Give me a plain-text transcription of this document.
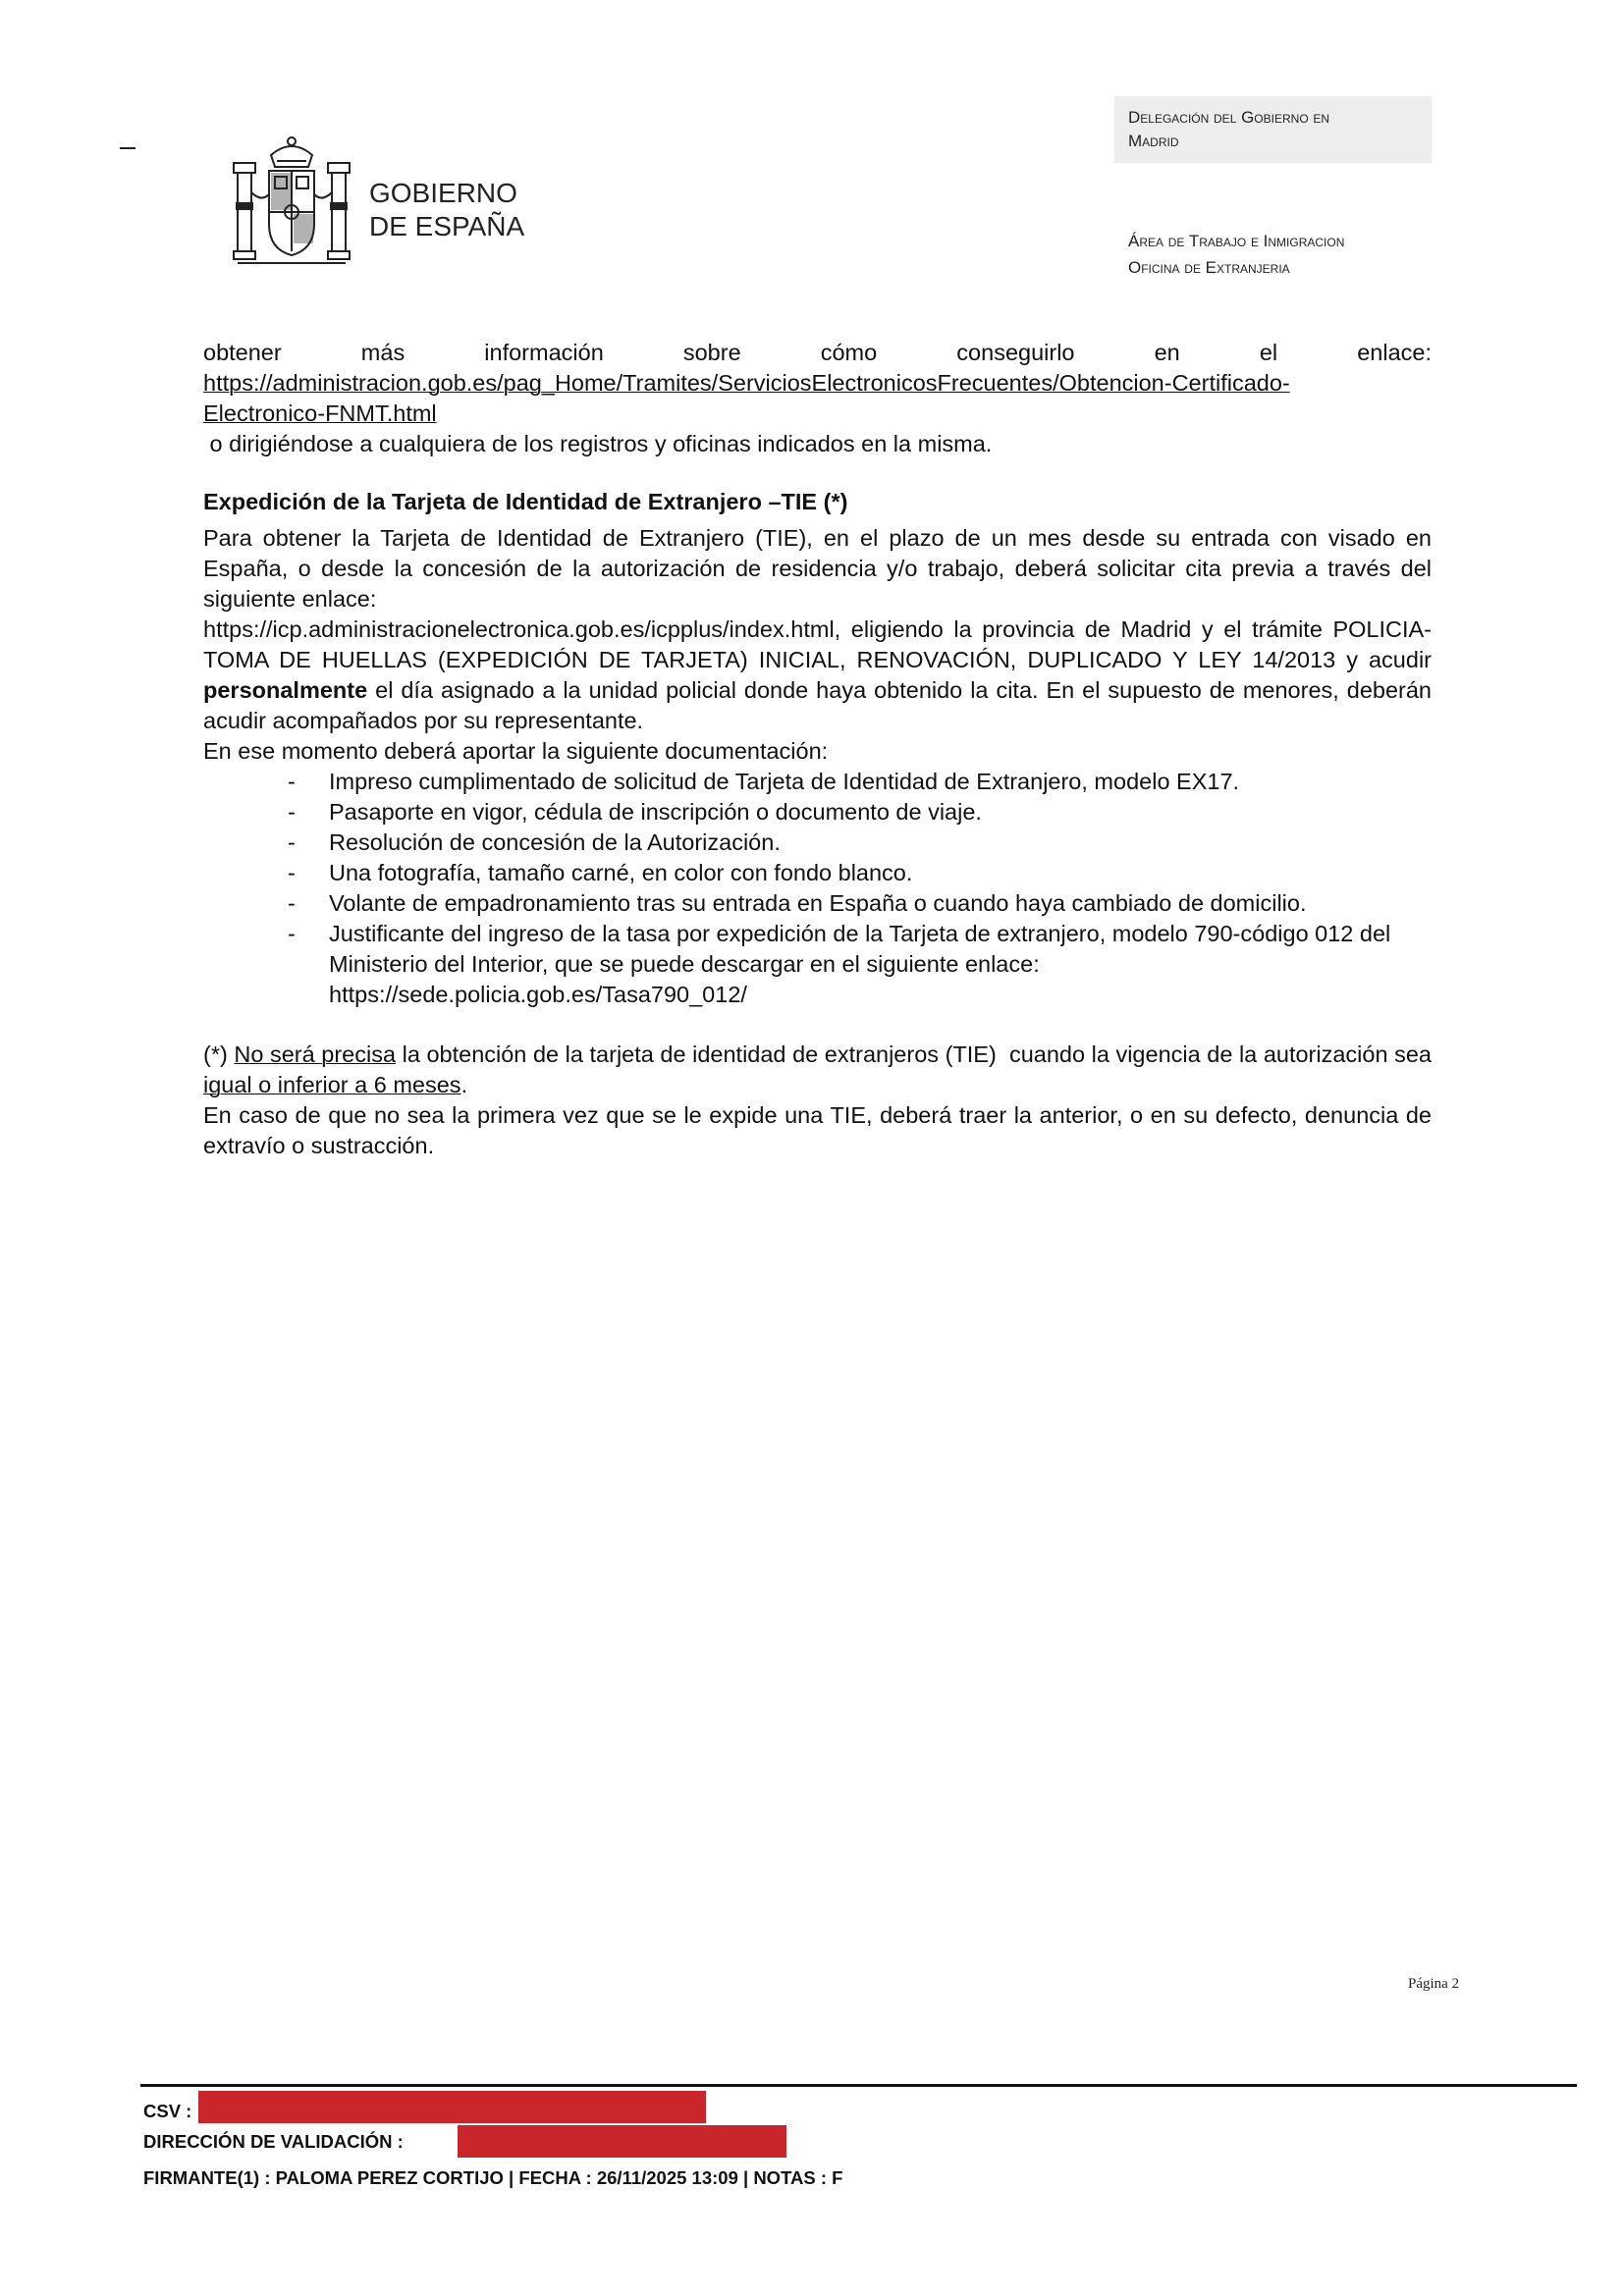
GOBIERNO
DE ESPAÑA
Delegación del Gobierno en
Madrid
Área de Trabajo e Inmigracion
Oficina de Extranjeria

obtener más información sobre cómo conseguirlo en el enlace:

https://administracion.gob.es/pag_Home/Tramites/ServiciosElectronicosFrecuentes/Obtencion-Certificado-
Electronico-FNMT.html

o dirigiéndose a cualquiera de los registros y oficinas indicados en la misma.

Expedición de la Tarjeta de Identidad de Extranjero –TIE (*)

Para obtener la Tarjeta de Identidad de Extranjero (TIE), en el plazo de un mes desde su entrada con visado en España, o desde la concesión de la autorización de residencia y/o trabajo, deberá solicitar cita previa a través del siguiente enlace:

https://icp.administracionelectronica.gob.es/icpplus/index.html, eligiendo la provincia de Madrid y el trámite POLICIA-TOMA DE HUELLAS (EXPEDICIÓN DE TARJETA) INICIAL, RENOVACIÓN, DUPLICADO Y LEY 14/2013 y acudir personalmente el día asignado a la unidad policial donde haya obtenido la cita. En el supuesto de menores, deberán acudir acompañados por su representante.

En ese momento deberá aportar la siguiente documentación:

- Impreso cumplimentado de solicitud de Tarjeta de Identidad de Extranjero, modelo EX17.
- Pasaporte en vigor, cédula de inscripción o documento de viaje.
- Resolución de concesión de la Autorización.
- Una fotografía, tamaño carné, en color con fondo blanco.
- Volante de empadronamiento tras su entrada en España o cuando haya cambiado de domicilio.
- Justificante del ingreso de la tasa por expedición de la Tarjeta de extranjero, modelo 790-código 012 del Ministerio del Interior, que se puede descargar en el siguiente enlace: https://sede.policia.gob.es/Tasa790_012/

(*) No será precisa la obtención de la tarjeta de identidad de extranjeros (TIE)  cuando la vigencia de la autorización sea igual o inferior a 6 meses.

En caso de que no sea la primera vez que se le expide una TIE, deberá traer la anterior, o en su defecto, denuncia de extravío o sustracción.

Página 2
CSV :
DIRECCIÓN DE VALIDACIÓN :
FIRMANTE(1) : PALOMA PEREZ CORTIJO | FECHA : 26/11/2025 13:09 | NOTAS : F
